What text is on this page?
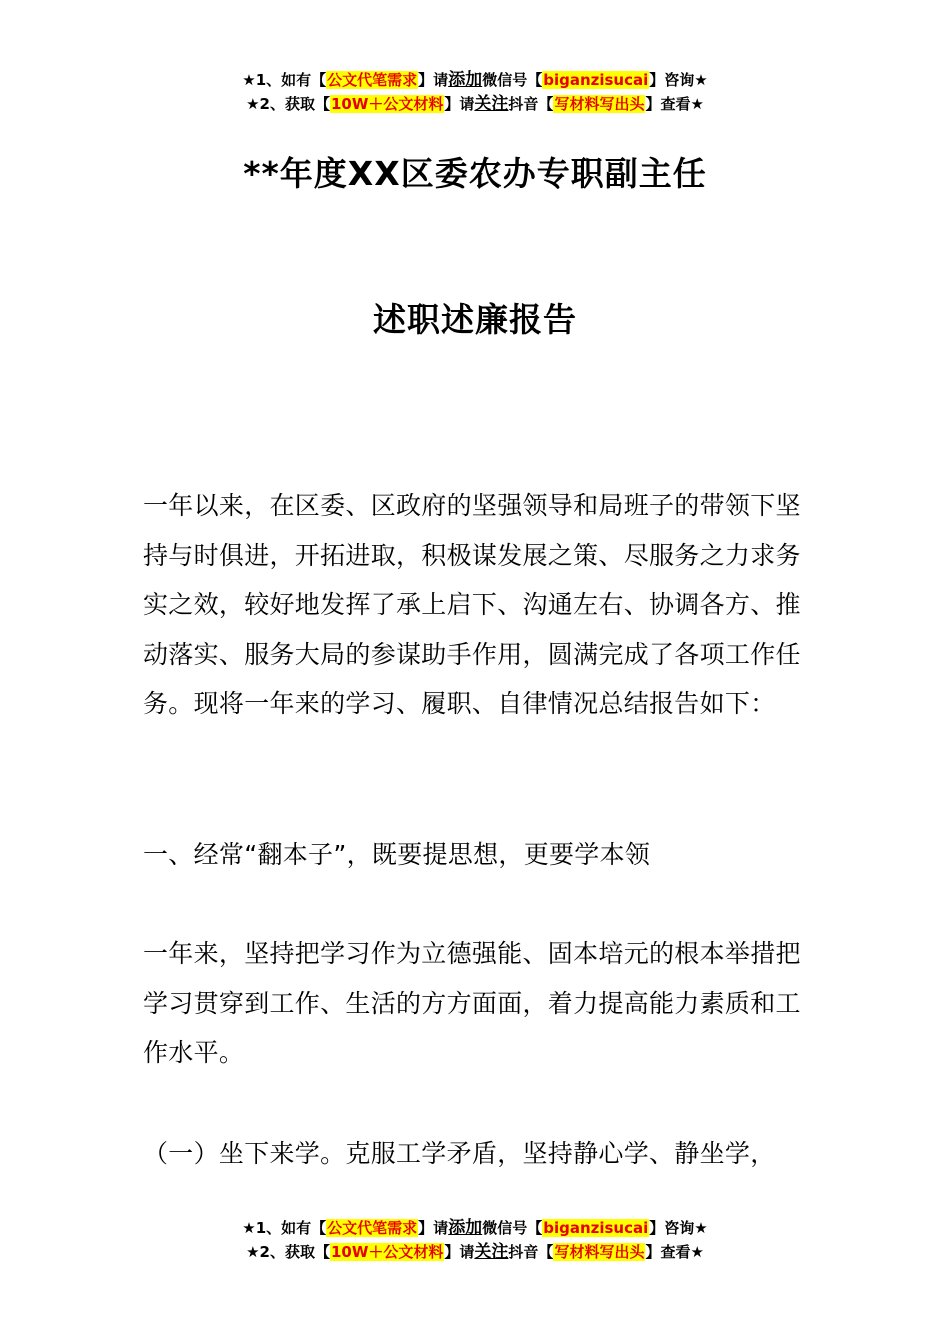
★1、如有【公文代笔需求】请添加微信号【biganzisucai】咨询★
★2、获取【10W＋公文材料】请关注抖音【写材料写出头】查看★
**年度XX区委农办专职副主任
述职述廉报告

一年以来，在区委、区政府的坚强领导和局班子的带领下坚持与时俱进，开拓进取，积极谋发展之策、尽服务之力求务实之效，较好地发挥了承上启下、沟通左右、协调各方、推动落实、服务大局的参谋助手作用，圆满完成了各项工作任务。现将一年来的学习、履职、自律情况总结报告如下：

一、经常“翻本子”，既要提思想，更要学本领

一年来，坚持把学习作为立德强能、固本培元的根本举措把学习贯穿到工作、生活的方方面面，着力提高能力素质和工作水平。

（一）坐下来学。克服工学矛盾，坚持静心学、静坐学，

★1、如有【公文代笔需求】请添加微信号【biganzisucai】咨询★
★2、获取【10W＋公文材料】请关注抖音【写材料写出头】查看★
